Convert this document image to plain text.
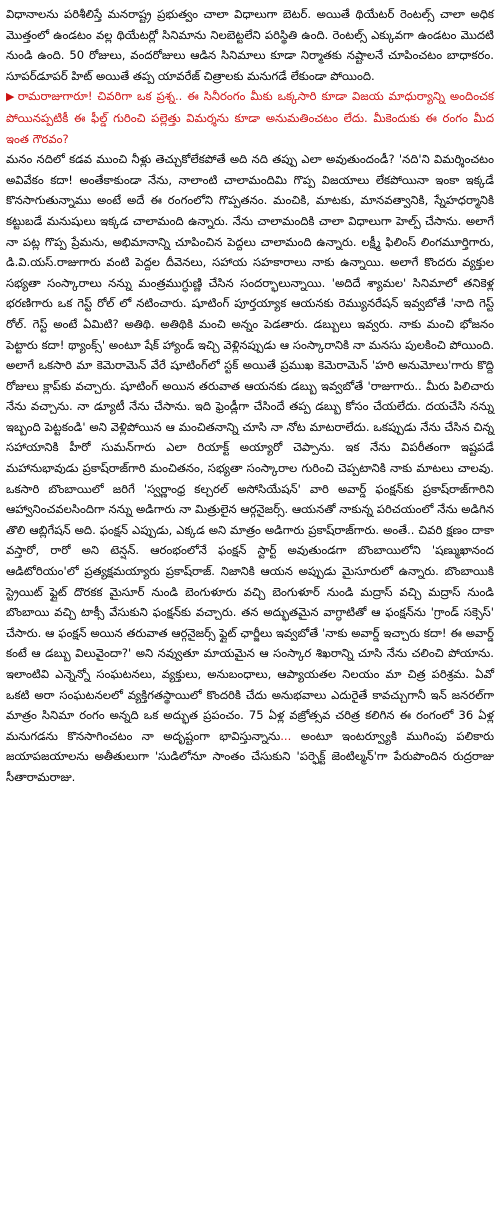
విధానాలను పరిశీలిస్తే మనరాష్ట్ర ప్రభుత్వం చాలా విధాలుగా బెటర్. అయితే థియేటర్ రెంటల్స్ చాలా అధిక మొత్తంలో ఉండటం వల్ల థియేటర్లో సినిమాను నిలబెట్టలేని పరిస్థితి ఉంది. రెంటల్స్ ఎక్కువగా ఉండటం మొదటి నుండి ఉంది. 50 రోజులు, వందరోజులు ఆడిన సినిమాలు కూడా నిర్మాతకు నష్టాలనే చూపించటం బాధాకరం. సూపర్‌డూపర్ హిట్ అయితే తప్ప యావరేజ్ చిత్రాలకు మనుగడే లేకుండా పోయింది.

▶ రామరాజుగారూ! చివరిగా ఒక ప్రశ్న.. ఈ సినీరంగం మీకు ఒక్కసారి కూడా విజయ మాధుర్యాన్ని అందించక పోయినప్పటికీ ఈ ఫీల్డ్ గురించి పల్లెత్తు విమర్శను కూడా అనుమతించటం లేదు. మీకెందుకు ఈ రంగం మీద ఇంత గౌరవం?

మనం నదిలో కడవ ముంచి నీళ్లు తెచ్చుకోలేకపోతే అది నది తప్పు ఎలా అవుతుందండీ? 'నది'ని విమర్శించటం అవివేకం కదా! అంతేకాకుండా నేను, నాలాంటి చాలామందిమి గొప్ప విజయాలు లేకపోయినా ఇంకా ఇక్కడే కొనసాగుతున్నాము అంటే అదే ఈ రంగంలోని గొప్పతనం. మంచికి, మాటకు, మానవత్వానికి, స్నేహధర్మానికి కట్టుబడే మనుషులు ఇక్కడ చాలామంది ఉన్నారు. నేను చాలామందికి చాలా విధాలుగా హెల్ప్ చేసాను. అలాగే నా పట్ల గొప్ప ప్రేమను, అభిమానాన్ని చూపించిన పెద్దలు చాలామంది ఉన్నారు. లక్ష్మీ ఫిలింస్ లింగమూర్తిగారు, డి.వి.యస్.రాజుగారు వంటి పెద్దల దీవెనలు, సహాయ సహకారాలు నాకు ఉన్నాయి. అలాగే కొందరు వ్యక్తుల సభ్యతా సంస్కారాలు నన్ను మంత్రముగ్ధుణ్ణి చేసిన సందర్భాలున్నాయి. 'అదిదే శ్యామల' సినిమాలో తనికెళ్ల భరణిగారు ఒక గెస్ట్ రోల్ లో నటించారు. షూటింగ్ పూర్తయ్యాక ఆయనకు రెమ్యునరేషన్ ఇవ్వబోతే 'నాది గెస్ట్ రోల్. గెస్ట్ అంటే ఏమిటి? అతిథి. అతిథికి మంచి అన్నం పెడతారు. డబ్బులు ఇవ్వరు. నాకు మంచి భోజనం పెట్టారు కదా! థ్యాంక్స్' అంటూ షేక్ హ్యాండ్ ఇచ్చి వెళ్లినప్పుడు ఆ సంస్కారానికి నా మనసు పులకించి పోయింది. అలాగే ఒకసారి మా కెమెరామెన్ వేరే షూటింగ్‌లో స్టక్ అయితే ప్రముఖ కెమెరామెన్ 'హరి అనుమోలు'గారు కొద్ది రోజులు క్లాప్‌కు వచ్చారు. షూటింగ్ అయిన తరువాత ఆయనకు డబ్బు ఇవ్వబోతే 'రాజుగారు.. మీరు పిలిచారు నేను వచ్చాను. నా డ్యూటీ నేను చేసాను. ఇది ఫ్రెండ్లీగా చేసిందే తప్ప డబ్బు కోసం చేయలేదు. దయచేసి నన్ను ఇబ్బంది పెట్టకండి' అని వెళ్లిపోయిన ఆ మంచితనాన్ని చూసి నా నోట మాటరాలేదు. ఒకప్పుడు నేను చేసిన చిన్న సహాయానికి హీరో సుమన్‌గారు ఎలా రియాక్ట్ అయ్యారో చెప్పాను. ఇక నేను విపరీతంగా ఇష్టపడే మహానుభావుడు ప్రకాష్‌రాజ్‌గారి మంచితనం, సభ్యతా సంస్కారాల గురించి చెప్పటానికి నాకు మాటలు చాలవు. ఒకసారి బొంబాయిలో జరిగే 'స్వర్ణాంధ్ర కల్చరల్ అసోసియేషన్' వారి అవార్డ్ ఫంక్షన్‌కు ప్రకాష్‌రాజ్‌గారిని ఆహ్వానించవలసిందిగా నన్ను అడిగారు నా మిత్రులైన ఆర్గనైజర్స్. ఆయనతో నాకున్న పరిచయంలో నేను అడిగిన తొలి ఆబ్లిగేషన్ అది. ఫంక్షన్ ఎప్పుడు, ఎక్కడ అని మాత్రం అడిగారు ప్రకాష్‌రాజ్‌గారు. అంతే.. చివరి క్షణం దాకా వస్తారో, రారో అని టెన్షన్. ఆరంభంలోనే ఫంక్షన్ స్టార్ట్ అవుతుండగా బొంబాయిలోని 'షణ్ముఖానంద ఆడిటోరియం'లో ప్రత్యక్షమయ్యారు ప్రకాష్‌రాజ్. నిజానికి ఆయన అప్పుడు మైసూరులో ఉన్నారు. బొంబాయికి స్ట్రెయిట్ ఫ్లైట్ దొరకక మైసూర్ నుండి బెంగుళూరు వచ్చి బెంగుళూర్ నుండి మద్రాస్ వచ్చి మద్రాస్ నుండి బొంబాయి వచ్చి టాక్సీ వేసుకుని ఫంక్షన్‌కు వచ్చారు. తన అద్భుతమైన వాగ్ధాటితో ఆ ఫంక్షన్‌ను 'గ్రాండ్ సక్సెస్' చేసారు. ఆ ఫంక్షన్ అయిన తరువాత ఆర్గనైజర్స్ ఫ్లైట్ ఛార్జీలు ఇవ్వబోతే 'నాకు అవార్డ్ ఇచ్చారు కదా! ఈ అవార్డ్ కంటే ఆ డబ్బు విలువైందా?' అని నవ్వుతూ మాయమైన ఆ సంస్కార శిఖరాన్ని చూసి నేను చలించి పోయాను. ఇలాంటివి ఎన్నెన్నో సంఘటనలు, వ్యక్తులు, అనుబంధాలు, ఆప్యాయతల నిలయం మా చిత్ర పరిశ్రమ. ఏవో ఒకటి అరా సంఘటనలలో వ్యక్తిగతస్థాయిలో కొందరికి చేదు అనుభవాలు ఎదురైతే కావచ్చుగానీ ఇన్ జనరల్‌గా మాత్రం సినిమా రంగం అన్నది ఒక అద్భుత ప్రపంచం. 75 ఏళ్ల వజ్రోత్సవ చరిత్ర కలిగిన ఈ రంగంలో 36 ఏళ్ల మనుగడను కొనసాగించటం నా అదృష్టంగా భావిస్తున్నాను... అంటూ ఇంటర్వ్యూకి ముగింపు పలికారు జయాపజయాలను అతీతులుగా 'సుడిలోనూ సాంతం చేసుకుని 'పర్ఫెక్ట్ జెంటిల్మన్'గా పేరుపొందిన రుద్రరాజు సీతారామరాజు.
